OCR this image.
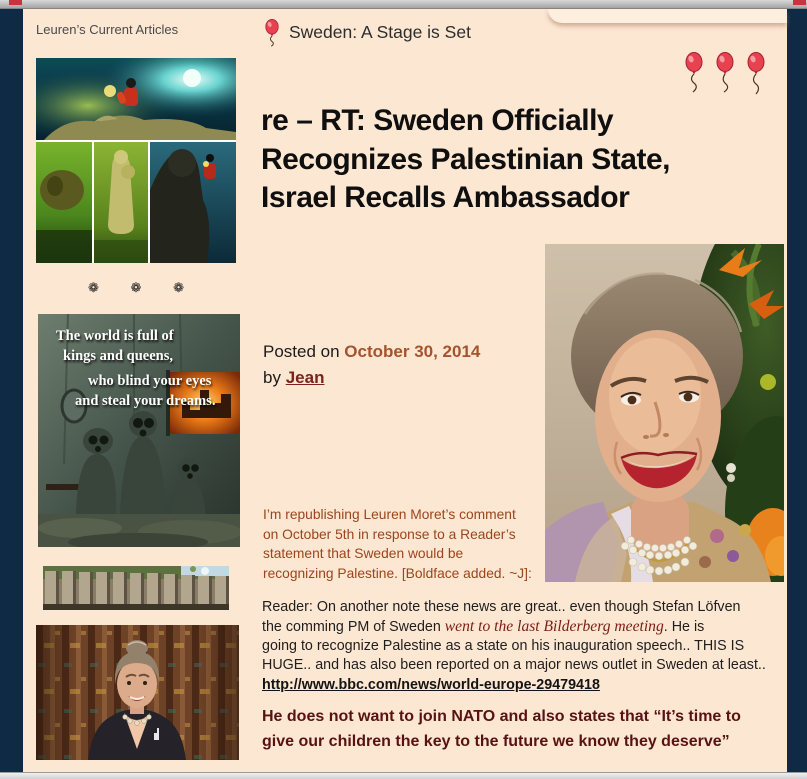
Leuren’s Current Articles	Sweden: A Stage is Set
re – RT: Sweden Officially
Recognizes Palestinian State,
Israel Recalls Ambassador
Posted on October 30, 2014
by Jean
I’m republishing Leuren Moret’s comment
on October 5th in response to a Reader’s
statement that Sweden would be
recognizing Palestine. [Boldface added. ~J]:
Reader: On another note these news are great.. even though Stefan Löfven
the comming PM of Sweden went to the last Bilderberg meeting. He is
going to recognize Palestine as a state on his inauguration speech.. THIS IS
HUGE.. and has also been reported on a major news outlet in Sweden at least..
http://www.bbc.com/news/world-europe-29479418
He does not want to join NATO and also states that “It’s time to
give our children the key to the future we know they deserve”
❁ ❁ ❁
The world is full of
kings and queens,
who blind your eyes
and steal your dreams.
